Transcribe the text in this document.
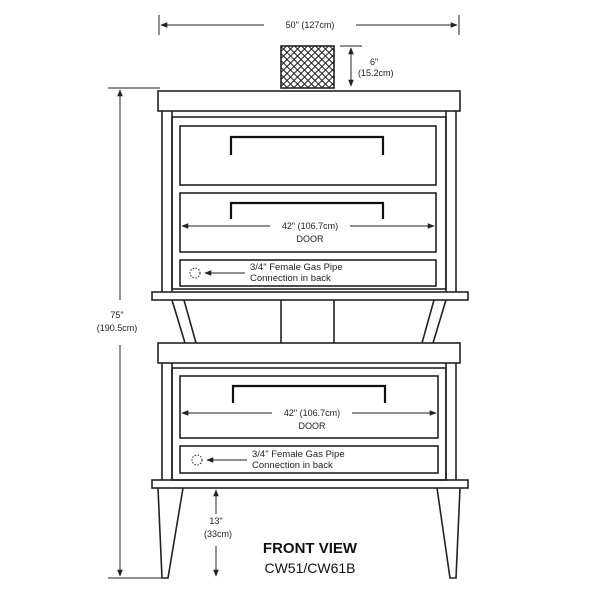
50" (127cm)
6"
(15.2cm)
75"
(190.5cm)
42" (106.7cm)
DOOR
3/4" Female Gas Pipe
Connection in back
42" (106.7cm)
DOOR
3/4" Female Gas Pipe
Connection in back
13"
(33cm)
FRONT VIEW
CW51/CW61B
